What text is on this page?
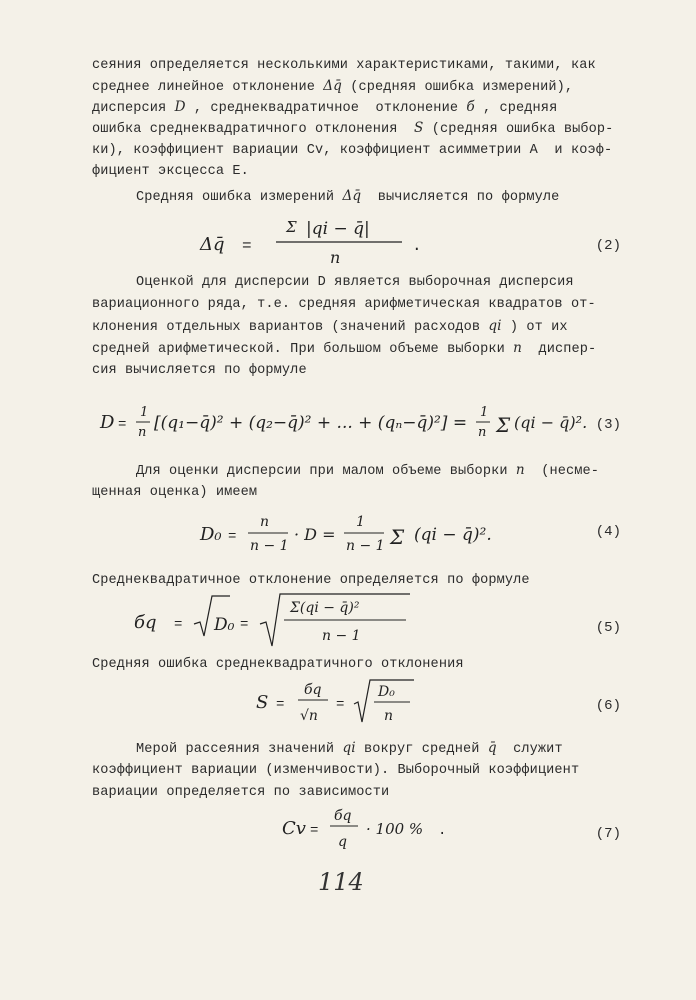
сеяния определяется несколькими характеристиками, такими, как
среднее линейное отклонение Δq̄ (средняя ошибка измерений),
дисперсия D , среднеквадратичное  отклонение б , средняя
ошибка среднеквадратичного отклонения  S (средняя ошибка выбор-
ки), коэффициент вариации Cv, коэффициент асимметрии A  и коэф-
фициент эксцесса E.
Средняя ошибка измерений Δq̄  вычисляется по формуле
Δq̄ =
Σ |qi − q̄|
n
.	(2)
Оценкой для дисперсии D является выборочная дисперсия
вариационного ряда, т.е. средняя арифметическая квадратов от-
клонения отдельных вариантов (значений расходов qi ) от их
средней арифметической. При большом объеме выборки n  диспер-
сия вычисляется по формуле
D =
1
n [(q₁−q̄)² + (q₂−q̄)² + ... + (qₙ−q̄)²] =
1
n Σ (qi − q̄)². (3)
Для оценки дисперсии при малом объеме выборки n  (несме-
щенная оценка) имеем
D₀ =
n
n − 1
· D =
1
n − 1 Σ (qi − q̄)².	(4)
Среднеквадратичное отклонение определяется по формуле
бq = D₀ =
Σ(qi − q̄)²
n − 1	(5)
Средняя ошибка среднеквадратичного отклонения
S =
бq
√n
=
D₀
n
(6)
Мерой рассеяния значений qi вокруг средней q̄  служит
коэффициент вариации (изменчивости). Выборочный коэффициент
вариации определяется по зависимости
Cv =
бq
q
· 100 % .	(7)
114
